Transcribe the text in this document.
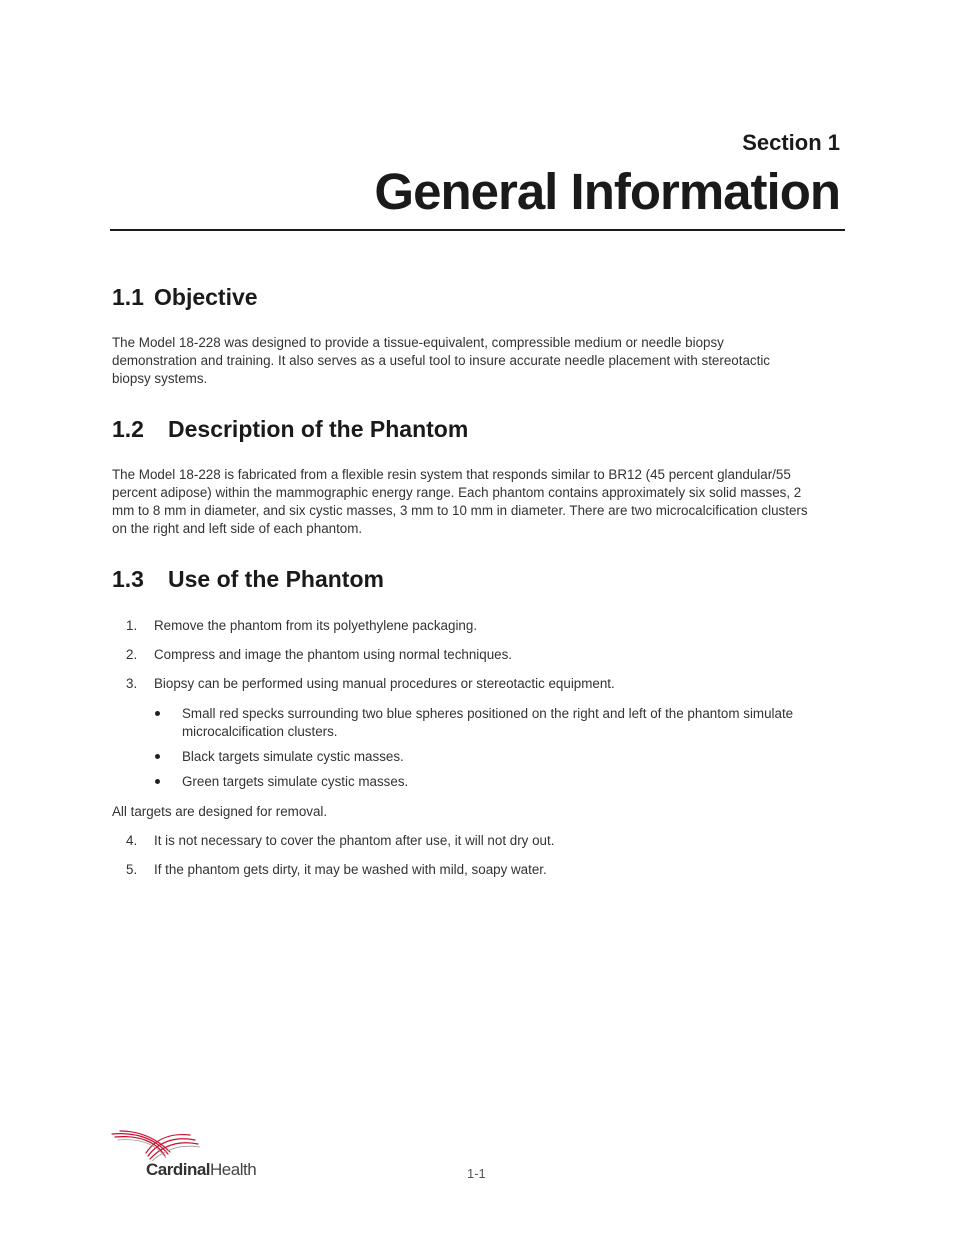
Section 1
General Information
1.1 Objective
The Model 18-228 was designed to provide a tissue-equivalent, compressible medium or needle biopsy
demonstration and training. It also serves as a useful tool to insure accurate needle placement with stereotactic
biopsy systems.
1.2 Description of the Phantom
The Model 18-228 is fabricated from a flexible resin system that responds similar to BR12 (45 percent glandular/55
percent adipose) within the mammographic energy range. Each phantom contains approximately six solid masses, 2
mm to 8 mm in diameter, and six cystic masses, 3 mm to 10 mm in diameter. There are two microcalcification clusters
on the right and left side of each phantom.
1.3 Use of the Phantom
1.	Remove the phantom from its polyethylene packaging.
2.	Compress and image the phantom using normal techniques.
3.	Biopsy can be performed using manual procedures or stereotactic equipment.
Small red specks surrounding two blue spheres positioned on the right and left of the phantom simulate
microcalcification clusters.
Black targets simulate cystic masses.
Green targets simulate cystic masses.
All targets are designed for removal.
4.	It is not necessary to cover the phantom after use, it will not dry out.
5.	If the phantom gets dirty, it may be washed with mild, soapy water.
CardinalHealth	1-1
